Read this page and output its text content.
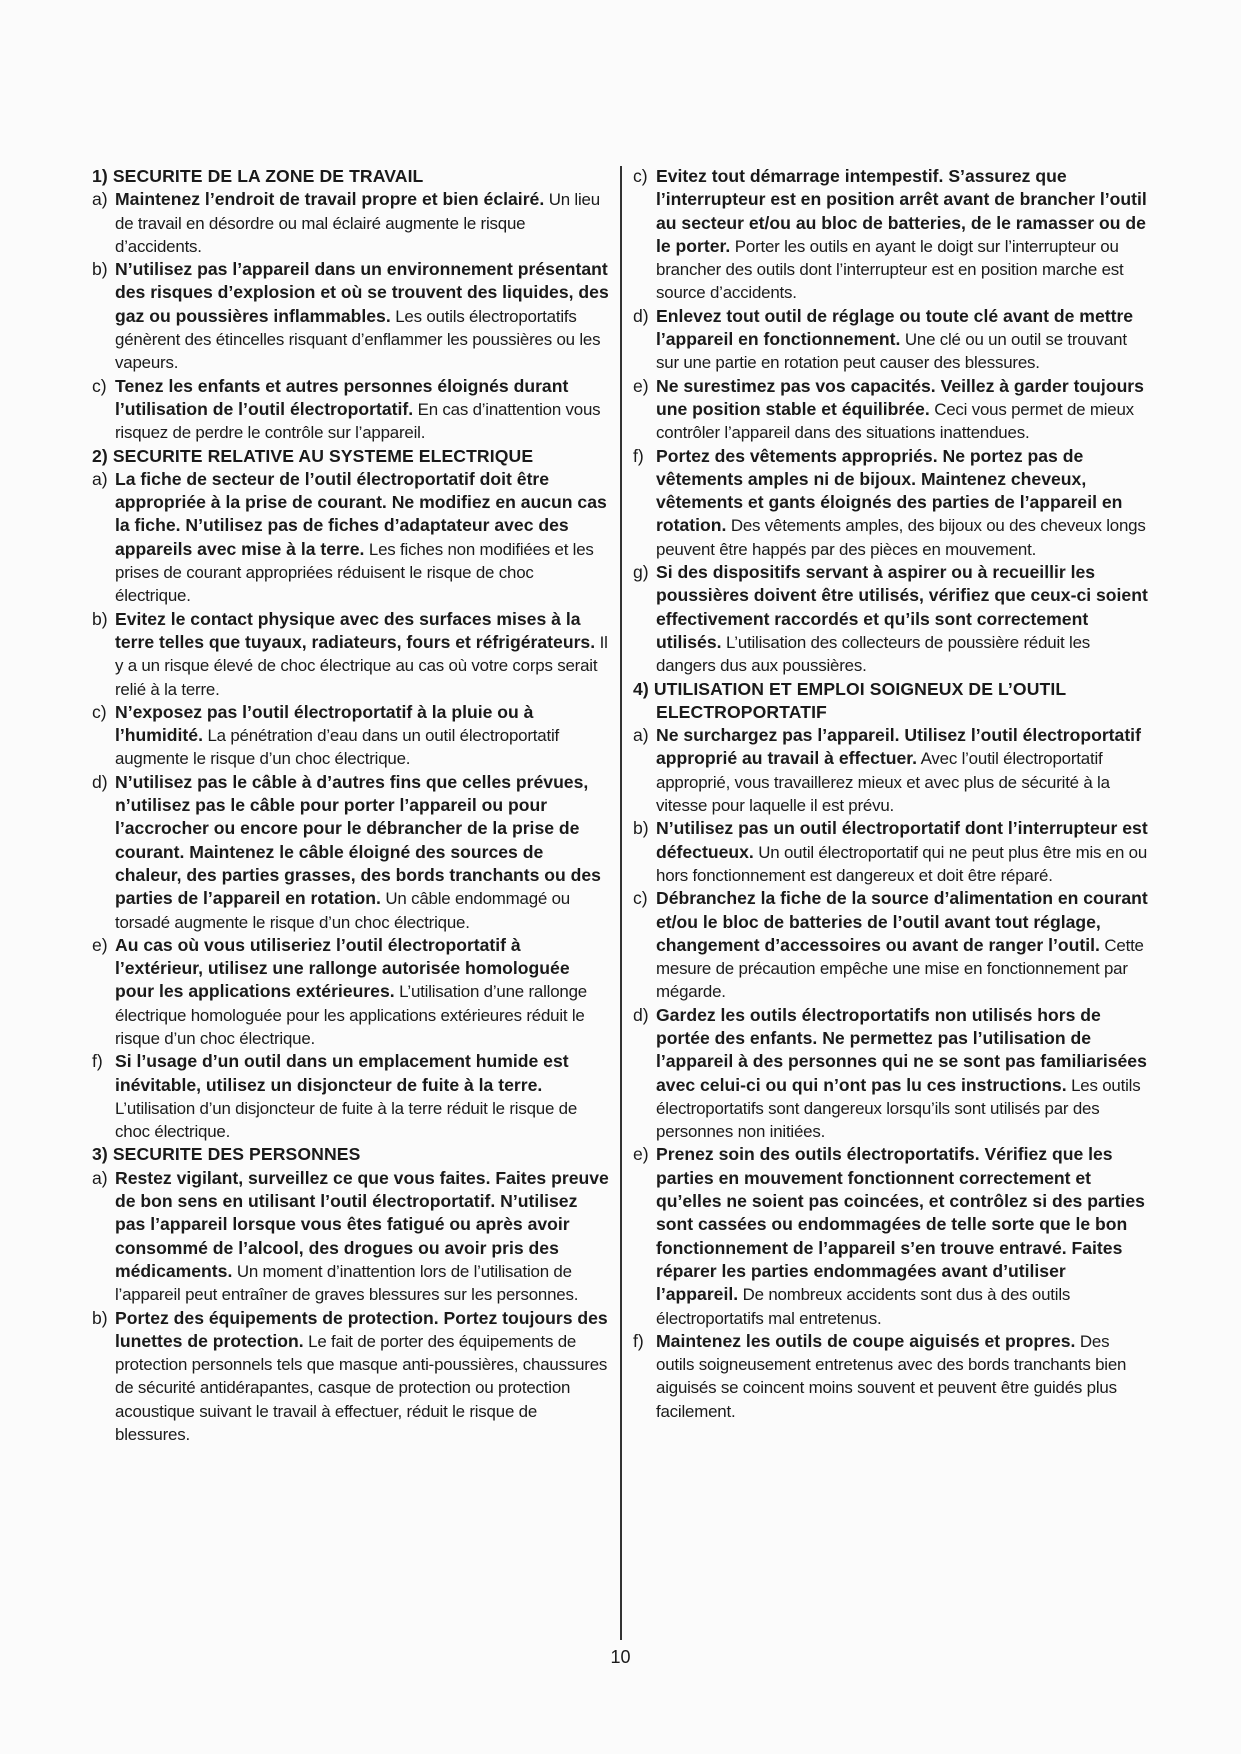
1) SECURITE DE LA ZONE DE TRAVAIL
a) Maintenez l’endroit de travail propre et bien éclairé. Un lieu de travail en désordre ou mal éclairé augmente le risque d’accidents.
b) N’utilisez pas l’appareil dans un environnement présentant des risques d’explosion et où se trouvent des liquides, des gaz ou poussières inflammables. Les outils électroportatifs génèrent des étincelles risquant d’enflammer les poussières ou les vapeurs.
c) Tenez les enfants et autres personnes éloignés durant l’utilisation de l’outil électroportatif. En cas d’inattention vous risquez de perdre le contrôle sur l’appareil.
2) SECURITE RELATIVE AU SYSTEME ELECTRIQUE
a) La fiche de secteur de l’outil électroportatif doit être appropriée à la prise de courant. Ne modifiez en aucun cas la fiche. N’utilisez pas de fiches d’adaptateur avec des appareils avec mise à la terre. Les fiches non modifiées et les prises de courant appropriées réduisent le risque de choc électrique.
b) Evitez le contact physique avec des surfaces mises à la terre telles que tuyaux, radiateurs, fours et réfrigérateurs. Il y a un risque élevé de choc électrique au cas où votre corps serait relié à la terre.
c) N’exposez pas l’outil électroportatif à la pluie ou à l’humidité. La pénétration d’eau dans un outil électroportatif augmente le risque d’un choc électrique.
d) N’utilisez pas le câble à d’autres fins que celles prévues, n’utilisez pas le câble pour porter l’appareil ou pour l’accrocher ou encore pour le débrancher de la prise de courant. Maintenez le câble éloigné des sources de chaleur, des parties grasses, des bords tranchants ou des parties de l’appareil en rotation. Un câble endommagé ou torsadé augmente le risque d’un choc électrique.
e) Au cas où vous utiliseriez l’outil électroportatif à l’extérieur, utilisez une rallonge autorisée homologuée pour les applications extérieures. L’utilisation d’une rallonge électrique homologuée pour les applications extérieures réduit le risque d’un choc électrique.
f) Si l’usage d’un outil dans un emplacement humide est inévitable, utilisez un disjoncteur de fuite à la terre. L’utilisation d’un disjoncteur de fuite à la terre réduit le risque de choc électrique.
3) SECURITE DES PERSONNES
a) Restez vigilant, surveillez ce que vous faites. Faites preuve de bon sens en utilisant l’outil électroportatif. N’utilisez pas l’appareil lorsque vous êtes fatigué ou après avoir consommé de l’alcool, des drogues ou avoir pris des médicaments. Un moment d’inattention lors de l’utilisation de l’appareil peut entraîner de graves blessures sur les personnes.
b) Portez des équipements de protection. Portez toujours des lunettes de protection. Le fait de porter des équipements de protection personnels tels que masque anti-poussières, chaussures de sécurité antidérapantes, casque de protection ou protection acoustique suivant le travail à effectuer, réduit le risque de blessures.
c) Evitez tout démarrage intempestif. S’assurez que l’interrupteur est en position arrêt avant de brancher l’outil au secteur et/ou au bloc de batteries, de le ramasser ou de le porter. Porter les outils en ayant le doigt sur l’interrupteur ou brancher des outils dont l’interrupteur est en position marche est source d’accidents.
d) Enlevez tout outil de réglage ou toute clé avant de mettre l’appareil en fonctionnement. Une clé ou un outil se trouvant sur une partie en rotation peut causer des blessures.
e) Ne surestimez pas vos capacités. Veillez à garder toujours une position stable et équilibrée. Ceci vous permet de mieux contrôler l’appareil dans des situations inattendues.
f) Portez des vêtements appropriés. Ne portez pas de vêtements amples ni de bijoux. Maintenez cheveux, vêtements et gants éloignés des parties de l’appareil en rotation. Des vêtements amples, des bijoux ou des cheveux longs peuvent être happés par des pièces en mouvement.
g) Si des dispositifs servant à aspirer ou à recueillir les poussières doivent être utilisés, vérifiez que ceux-ci soient effectivement raccordés et qu’ils sont correctement utilisés. L’utilisation des collecteurs de poussière réduit les dangers dus aux poussières.
4) UTILISATION ET EMPLOI SOIGNEUX DE L’OUTIL ELECTROPORTATIF
a) Ne surchargez pas l’appareil. Utilisez l’outil électroportatif approprié au travail à effectuer. Avec l’outil électroportatif approprié, vous travaillerez mieux et avec plus de sécurité à la vitesse pour laquelle il est prévu.
b) N’utilisez pas un outil électroportatif dont l’interrupteur est défectueux. Un outil électroportatif qui ne peut plus être mis en ou hors fonctionnement est dangereux et doit être réparé.
c) Débranchez la fiche de la source d’alimentation en courant et/ou le bloc de batteries de l’outil avant tout réglage, changement d’accessoires ou avant de ranger l’outil. Cette mesure de précaution empêche une mise en fonctionnement par mégarde.
d) Gardez les outils électroportatifs non utilisés hors de portée des enfants. Ne permettez pas l’utilisation de l’appareil à des personnes qui ne se sont pas familiarisées avec celui-ci ou qui n’ont pas lu ces instructions. Les outils électroportatifs sont dangereux lorsqu’ils sont utilisés par des personnes non initiées.
e) Prenez soin des outils électroportatifs. Vérifiez que les parties en mouvement fonctionnent correctement et qu’elles ne soient pas coincées, et contrôlez si des parties sont cassées ou endommagées de telle sorte que le bon fonctionnement de l’appareil s’en trouve entravé. Faites réparer les parties endommagées avant d’utiliser l’appareil. De nombreux accidents sont dus à des outils électroportatifs mal entretenus.
f) Maintenez les outils de coupe aiguisés et propres. Des outils soigneusement entretenus avec des bords tranchants bien aiguisés se coincent moins souvent et peuvent être guidés plus facilement.
10
